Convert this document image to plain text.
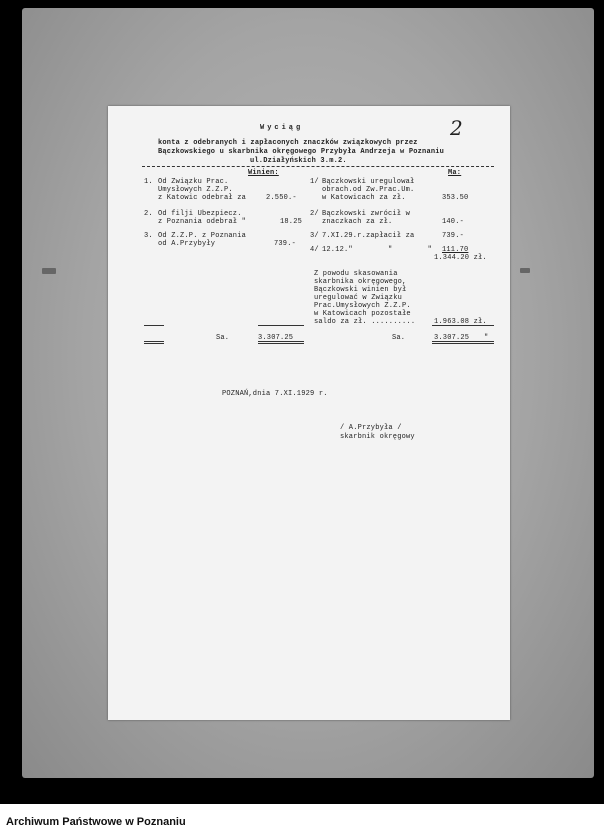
Wyciąg	2
konta z odebranych i zapłaconych znaczków związkowych przez
Bączkowskiego u skarbnika okręgowego Przybyła Andrzeja w Poznaniu
ul.Działyńskich 3.m.2.
Winien:	Ma:
1. Od Związku Prac.
Umysłowych Z.Z.P.
z Katowic odebrał za	2.550.-
2. Od filji Ubezpiecz.
z Poznania odebrał "	18.25
3. Od Z.Z.P. z Poznania
od A.Przybyły	739.-
1/ Bączkowski uregulował
obrach.od Zw.Prac.Um.
w Katowicach za zł.	353.50
2/ Bączkowski zwrócił w
znaczkach za zł.	140.-
3/ 7.XI.29.r.zapłacił za	739.-
4/ 12.12."        "        " 111.70
1.344.20 zł.
Z powodu skasowania
skarbnika okręgowego,
Bączkowski winien był
uregulować w Związku
Prac.Umysłowych Z.Z.P.
w Katowicach pozostałe
saldo za zł. ..........	1.963.08 zł.
Sa.	3.307.25	Sa.	3.307.25 "
POZNAŃ,dnia 7.XI.1929 r.
/ A.Przybyła /
skarbnik okręgowy
Archiwum Państwowe w Poznaniu
